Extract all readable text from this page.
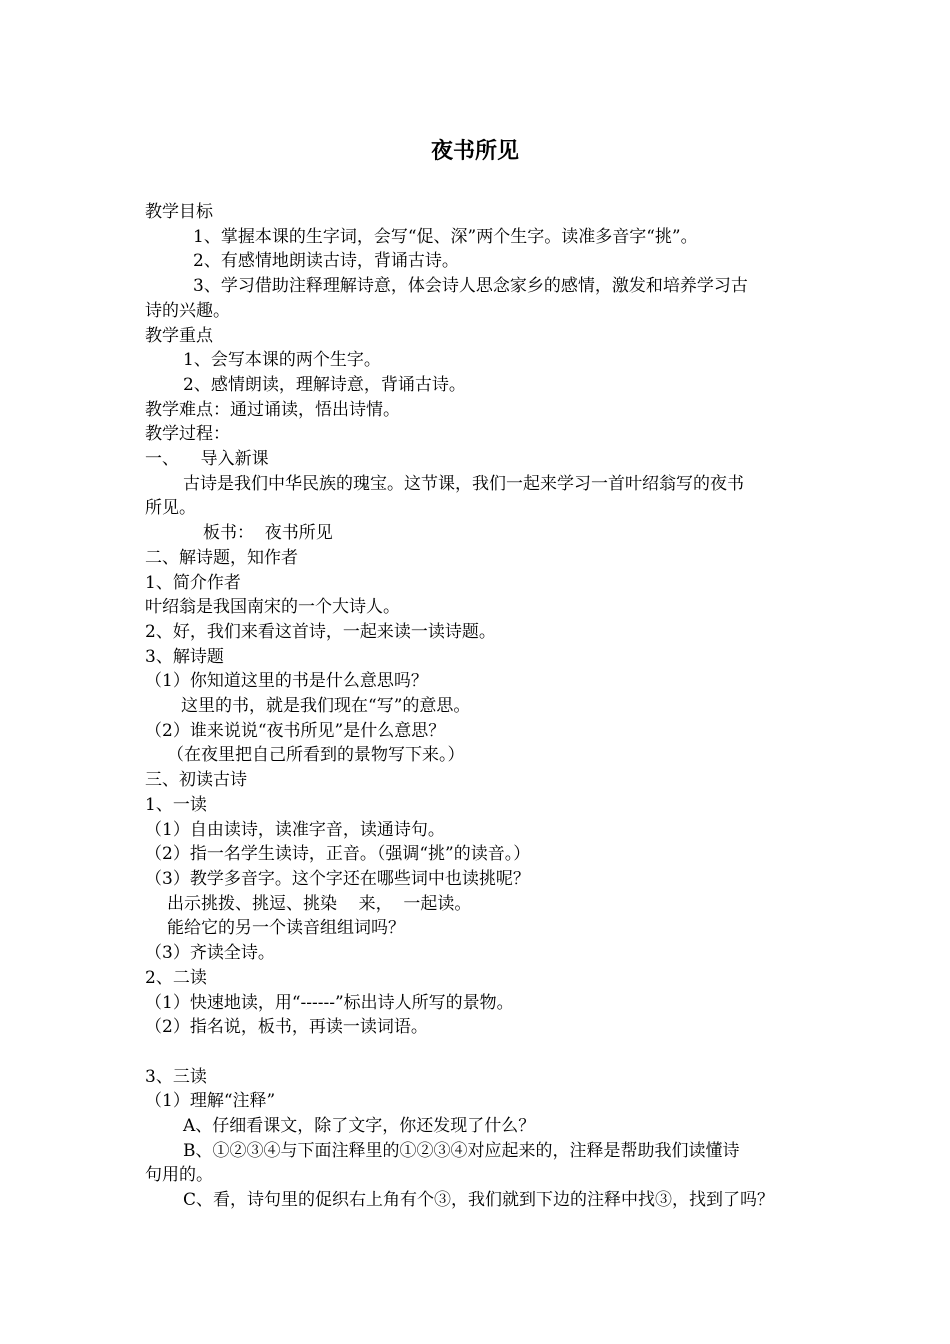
夜书所见

教学目标

1、掌握本课的生字词，会写“促、深”两个生字。读准多音字“挑”。

2、有感情地朗读古诗，背诵古诗。

3、学习借助注释理解诗意，体会诗人思念家乡的感情，激发和培养学习古

诗的兴趣。

教学重点

1、会写本课的两个生字。

2、感情朗读，理解诗意，背诵古诗。

教学难点：通过诵读，悟出诗情。

教学过程：

一、    导入新课

古诗是我们中华民族的瑰宝。这节课，我们一起来学习一首叶绍翁写的夜书

所见。

板书：  夜书所见

二、解诗题，知作者

1、简介作者

叶绍翁是我国南宋的一个大诗人。

2、好，我们来看这首诗，一起来读一读诗题。

3、解诗题

（1）你知道这里的书是什么意思吗？

这里的书，就是我们现在“写”的意思。

（2）谁来说说“夜书所见”是什么意思？

（在夜里把自己所看到的景物写下来。）

三、初读古诗

1、一读

（1）自由读诗，读准字音，读通诗句。

（2）指一名学生读诗，正音。（强调“挑”的读音。）

（3）教学多音字。这个字还在哪些词中也读挑呢？

出示挑拨、挑逗、挑染    来，  一起读。

能给它的另一个读音组组词吗？

（3）齐读全诗。

2、二读

（1）快速地读，用“------”标出诗人所写的景物。

（2）指名说，板书，再读一读词语。

3、三读

（1）理解“注释”

A、仔细看课文，除了文字，你还发现了什么？

B、①②③④与下面注释里的①②③④对应起来的，注释是帮助我们读懂诗

句用的。

C、看，诗句里的促织右上角有个③，我们就到下边的注释中找③，找到了吗？
